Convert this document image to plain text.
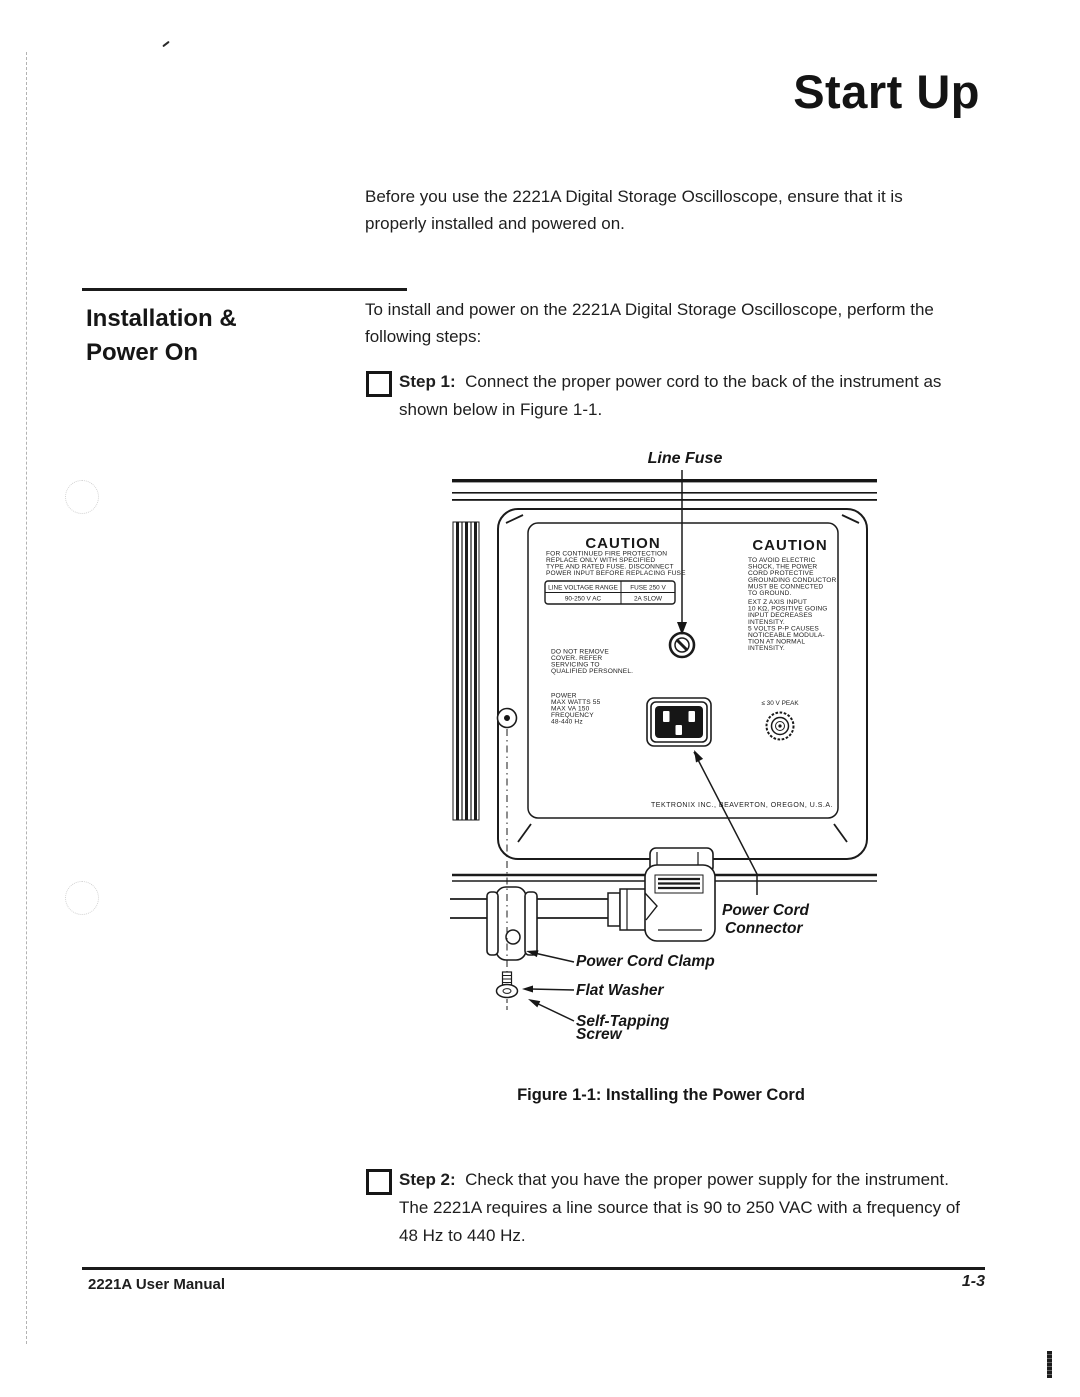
Start Up
Before you use the 2221A Digital Storage Oscilloscope, ensure that it is properly installed and powered on.
Installation & Power On
To install and power on the 2221A Digital Storage Oscilloscope, perform the following steps:
Step 1: Connect the proper power cord to the back of the instrument as shown below in Figure 1-1.
Line Fuse
CAUTION
FOR CONTINUED FIRE PROTECTION
REPLACE ONLY WITH SPECIFIED
TYPE AND RATED FUSE. DISCONNECT
POWER INPUT BEFORE REPLACING FUSE
LINE VOLTAGE RANGE FUSE 250 V
90-250 V AC	2A SLOW
CAUTION
TO AVOID ELECTRIC
SHOCK, THE POWER
CORD PROTECTIVE
GROUNDING CONDUCTOR
MUST BE CONNECTED
TO GROUND.
EXT Z AXIS INPUT
10 KΩ, POSITIVE GOING
INPUT DECREASES
INTENSITY.
5 VOLTS P-P CAUSES
NOTICEABLE MODULA-
TION AT NORMAL
INTENSITY.
DO NOT REMOVE
COVER. REFER
SERVICING TO
QUALIFIED PERSONNEL.
POWER
MAX WATTS 55
MAX VA 150
FREQUENCY
48-440 Hz
≤ 30 V PEAK
TEKTRONIX INC., BEAVERTON, OREGON, U.S.A.
Power Cord
Connector
Power Cord Clamp
Flat Washer
Self-Tapping
Screw
Figure 1-1: Installing the Power Cord
Step 2: Check that you have the proper power supply for the instrument. The 2221A requires a line source that is 90 to 250 VAC with a frequency of 48 Hz to 440 Hz.
2221A User Manual	1-3
